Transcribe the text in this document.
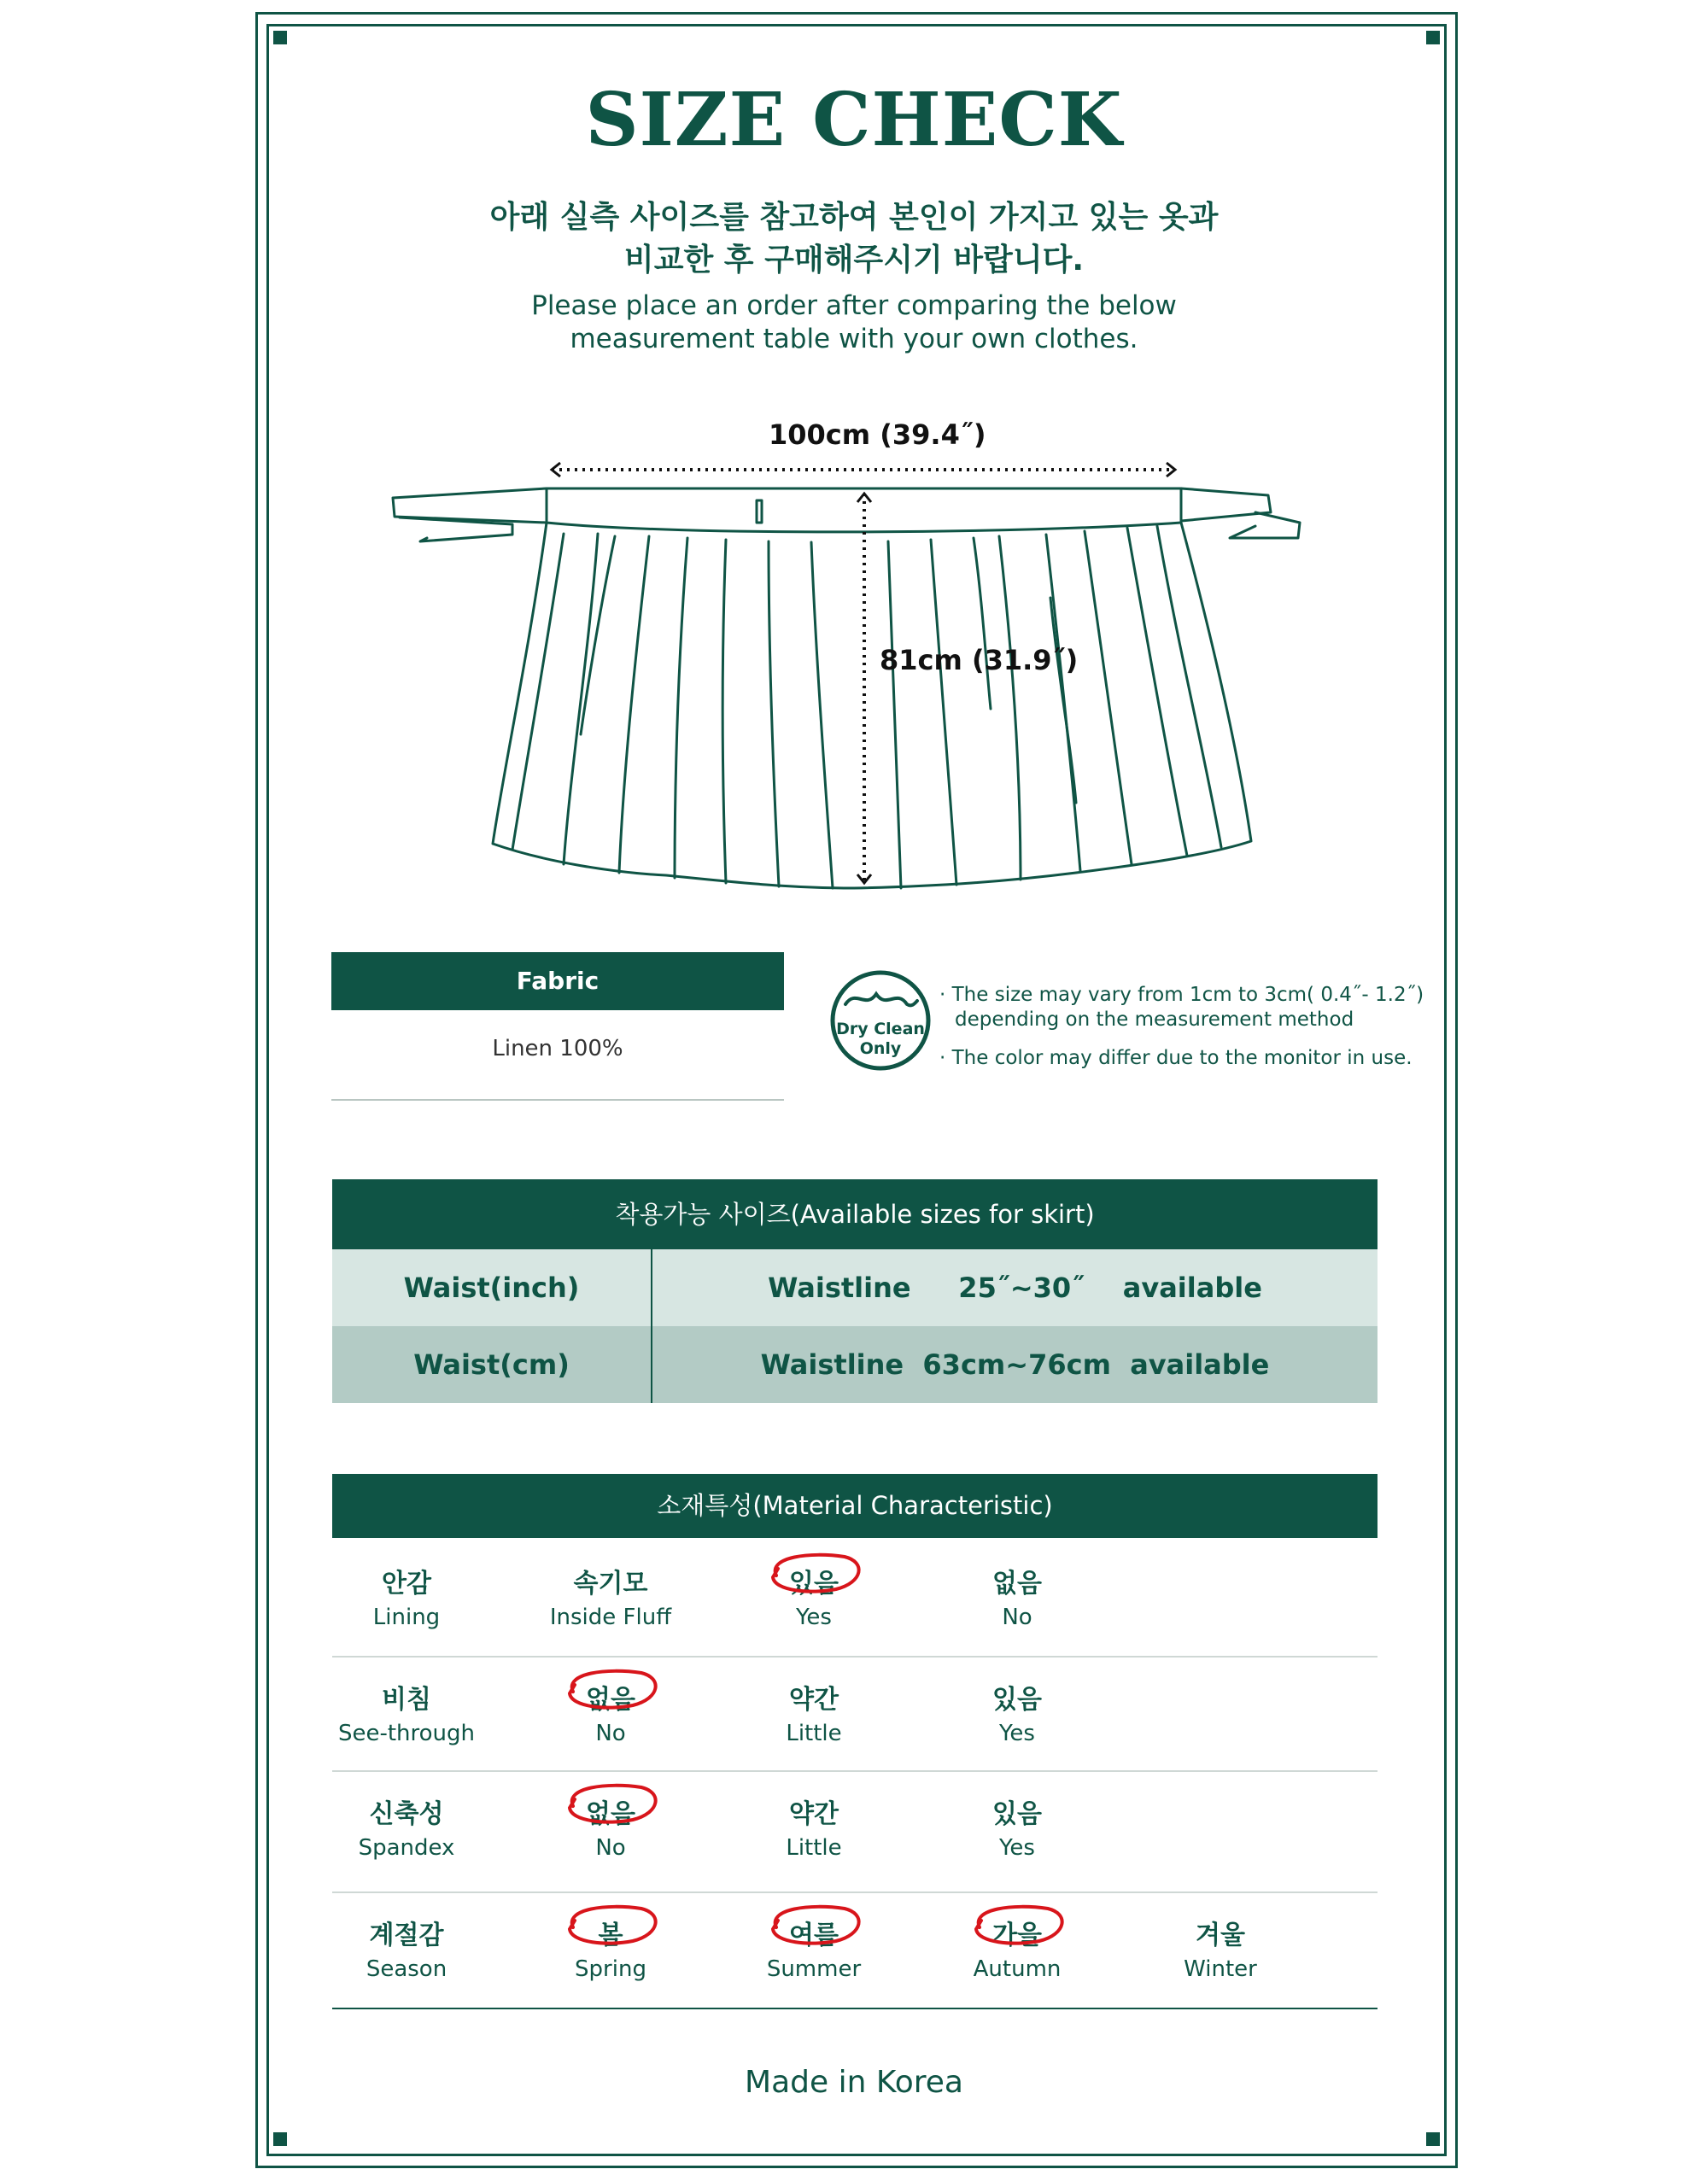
SIZE CHECK
아래 실측 사이즈를 참고하여 본인이 가지고 있는 옷과
비교한 후 구매해주시기 바랍니다.
Please place an order after comparing the below
measurement table with your own clothes.
100cm (39.4˝)
81cm (31.9˝)
Fabric
Linen 100%
Dry Clean
Only
· The size may vary from 1cm to 3cm( 0.4˝- 1.2˝)
depending on the measurement method
· The color may differ due to the monitor in use.
착용가능 사이즈(Available sizes for skirt)
Waist(inch)	Waistline     25˝~30˝    available
Waist(cm)	Waistline  63cm~76cm  available
소재특성(Material Characteristic)
안감
Lining
속기모
Inside Fluff
있음
Yes
없음
No
비침
See-through
없음
No
약간
Little
있음
Yes
신축성
Spandex
없음
No
약간
Little
있음
Yes
계절감
Season
봄
Spring
여름
Summer
가을
Autumn
겨울
Winter
Made in Korea
